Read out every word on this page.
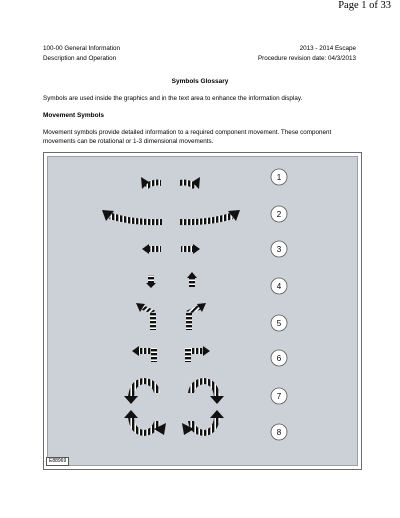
Page 1 of 33
100-00 General Information	2013 - 2014 Escape
Description and Operation	Procedure revision date: 04/3/2013
Symbols Glossary
Symbols are used inside the graphics and in the text area to enhance the information display.
Movement Symbols
Movement symbols provide detailed information to a required component movement. These component movements can be rotational or 1-3 dimensional movements.
1
2
3
4
5
6
7
8
E88969
